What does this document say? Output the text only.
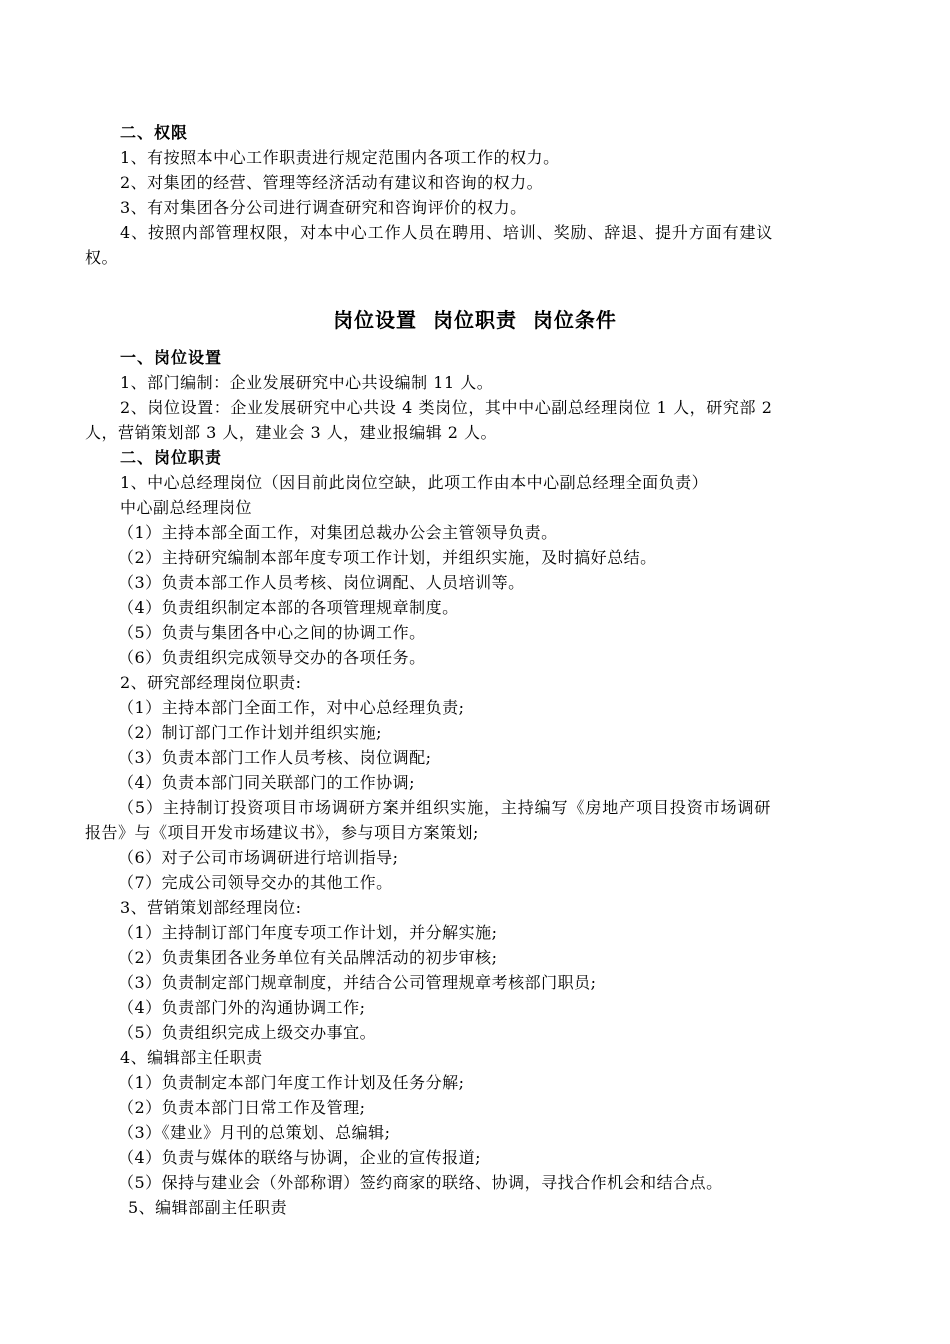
二、权限
1、有按照本中心工作职责进行规定范围内各项工作的权力。
2、对集团的经营、管理等经济活动有建议和咨询的权力。
3、有对集团各分公司进行调查研究和咨询评价的权力。
4、按照内部管理权限，对本中心工作人员在聘用、培训、奖励、辞退、提升方面有建议
权。
岗位设置  岗位职责  岗位条件
一、岗位设置
1、部门编制：企业发展研究中心共设编制 11 人。
2、岗位设置：企业发展研究中心共设 4 类岗位，其中中心副总经理岗位 1 人，研究部 2
人，营销策划部 3 人，建业会 3 人，建业报编辑 2 人。
二、岗位职责
1、中心总经理岗位（因目前此岗位空缺，此项工作由本中心副总经理全面负责）
中心副总经理岗位
（1）主持本部全面工作，对集团总裁办公会主管领导负责。
（2）主持研究编制本部年度专项工作计划，并组织实施，及时搞好总结。
（3）负责本部工作人员考核、岗位调配、人员培训等。
（4）负责组织制定本部的各项管理规章制度。
（5）负责与集团各中心之间的协调工作。
（6）负责组织完成领导交办的各项任务。
2、研究部经理岗位职责:
（1）主持本部门全面工作，对中心总经理负责;
（2）制订部门工作计划并组织实施;
（3）负责本部门工作人员考核、岗位调配;
（4）负责本部门同关联部门的工作协调;
（5）主持制订投资项目市场调研方案并组织实施，主持编写《房地产项目投资市场调研
报告》与《项目开发市场建议书》，参与项目方案策划;
（6）对子公司市场调研进行培训指导;
（7）完成公司领导交办的其他工作。
3、营销策划部经理岗位:
（1）主持制订部门年度专项工作计划，并分解实施;
（2）负责集团各业务单位有关品牌活动的初步审核;
（3）负责制定部门规章制度，并结合公司管理规章考核部门职员;
（4）负责部门外的沟通协调工作;
（5）负责组织完成上级交办事宜。
4、编辑部主任职责
（1）负责制定本部门年度工作计划及任务分解;
（2）负责本部门日常工作及管理;
（3）《建业》月刊的总策划、总编辑;
（4）负责与媒体的联络与协调，企业的宣传报道;
（5）保持与建业会（外部称谓）签约商家的联络、协调，寻找合作机会和结合点。
5、编辑部副主任职责
